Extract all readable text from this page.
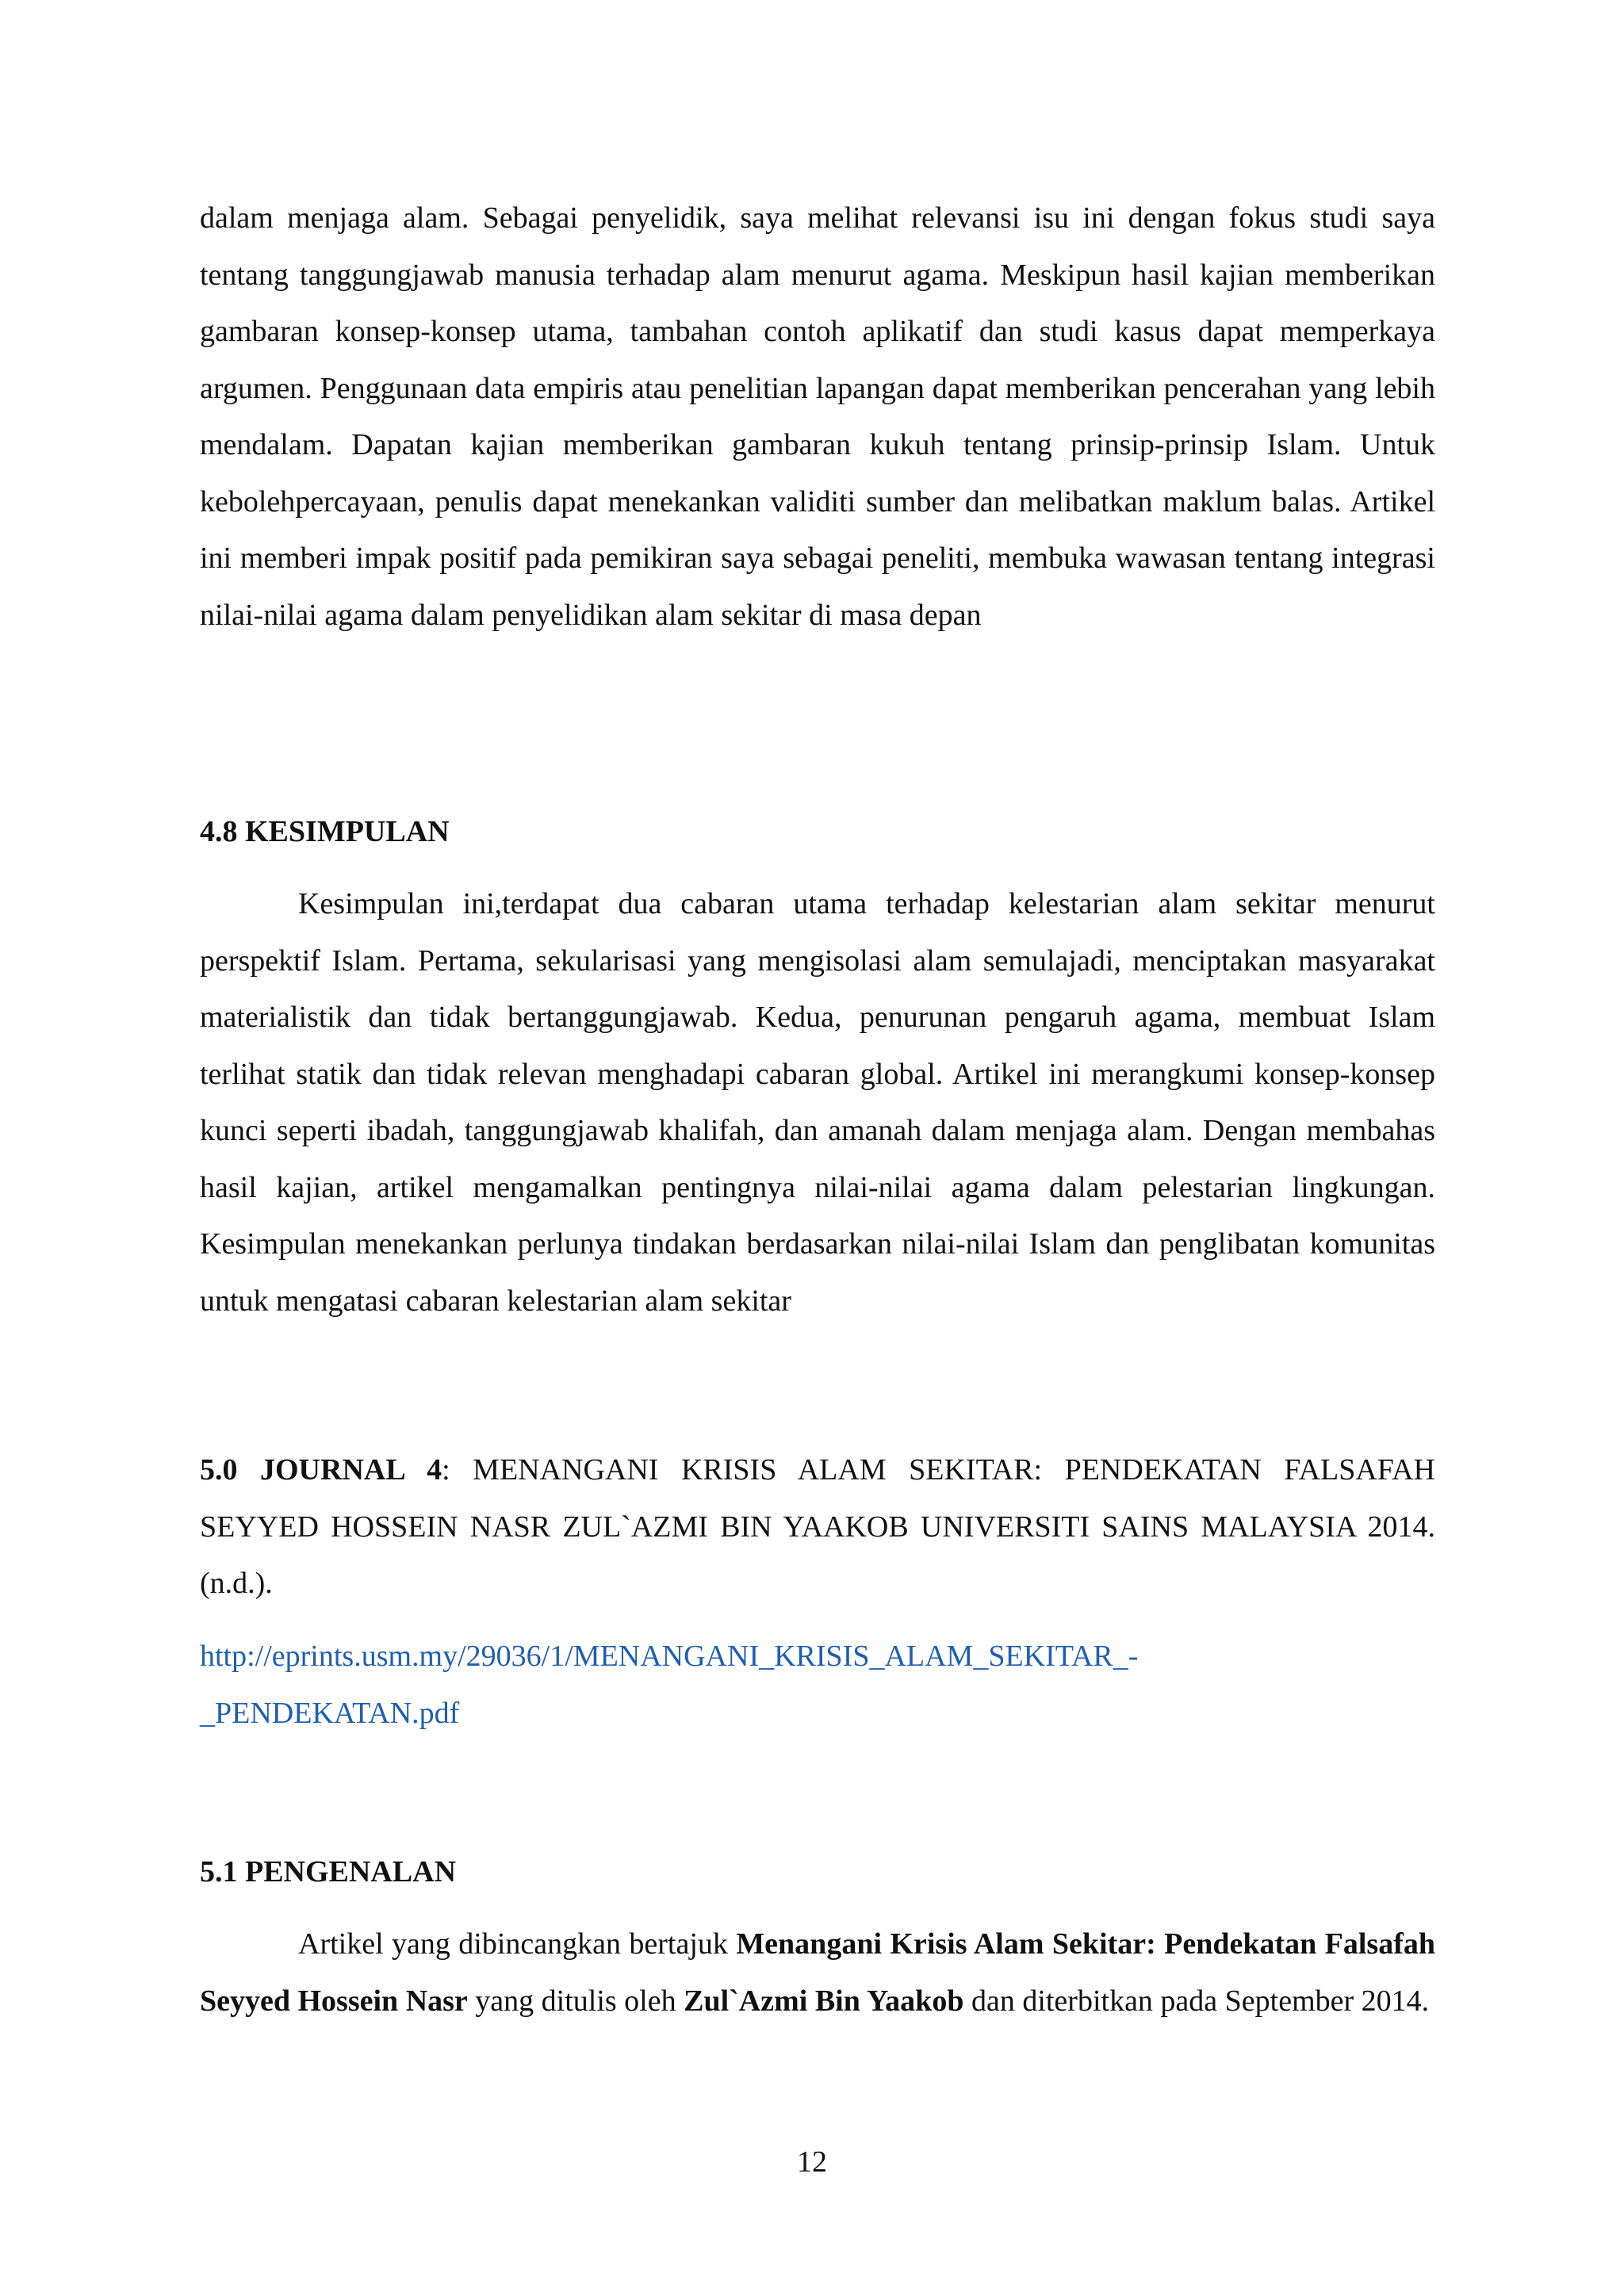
dalam menjaga alam. Sebagai penyelidik, saya melihat relevansi isu ini dengan fokus studi saya tentang tanggungjawab manusia terhadap alam menurut agama. Meskipun hasil kajian memberikan gambaran konsep-konsep utama, tambahan contoh aplikatif dan studi kasus dapat memperkaya argumen. Penggunaan data empiris atau penelitian lapangan dapat memberikan pencerahan yang lebih mendalam. Dapatan kajian memberikan gambaran kukuh tentang prinsip-prinsip Islam. Untuk kebolehpercayaan, penulis dapat menekankan validiti sumber dan melibatkan maklum balas. Artikel ini memberi impak positif pada pemikiran saya sebagai peneliti, membuka wawasan tentang integrasi nilai-nilai agama dalam penyelidikan alam sekitar di masa depan

4.8 KESIMPULAN

Kesimpulan ini,terdapat dua cabaran utama terhadap kelestarian alam sekitar menurut perspektif Islam. Pertama, sekularisasi yang mengisolasi alam semulajadi, menciptakan masyarakat materialistik dan tidak bertanggungjawab. Kedua, penurunan pengaruh agama, membuat Islam terlihat statik dan tidak relevan menghadapi cabaran global. Artikel ini merangkumi konsep-konsep kunci seperti ibadah, tanggungjawab khalifah, dan amanah dalam menjaga alam. Dengan membahas hasil kajian, artikel mengamalkan pentingnya nilai-nilai agama dalam pelestarian lingkungan. Kesimpulan menekankan perlunya tindakan berdasarkan nilai-nilai Islam dan penglibatan komunitas untuk mengatasi cabaran kelestarian alam sekitar

5.0 JOURNAL 4: MENANGANI KRISIS ALAM SEKITAR: PENDEKATAN FALSAFAH SEYYED HOSSEIN NASR ZUL`AZMI BIN YAAKOB UNIVERSITI SAINS MALAYSIA 2014. (n.d.).

http://eprints.usm.my/29036/1/MENANGANI_KRISIS_ALAM_SEKITAR_-
_PENDEKATAN.pdf

5.1 PENGENALAN

Artikel yang dibincangkan bertajuk Menangani Krisis Alam Sekitar: Pendekatan Falsafah Seyyed Hossein Nasr yang ditulis oleh Zul`Azmi Bin Yaakob dan diterbitkan pada September 2014.

12
